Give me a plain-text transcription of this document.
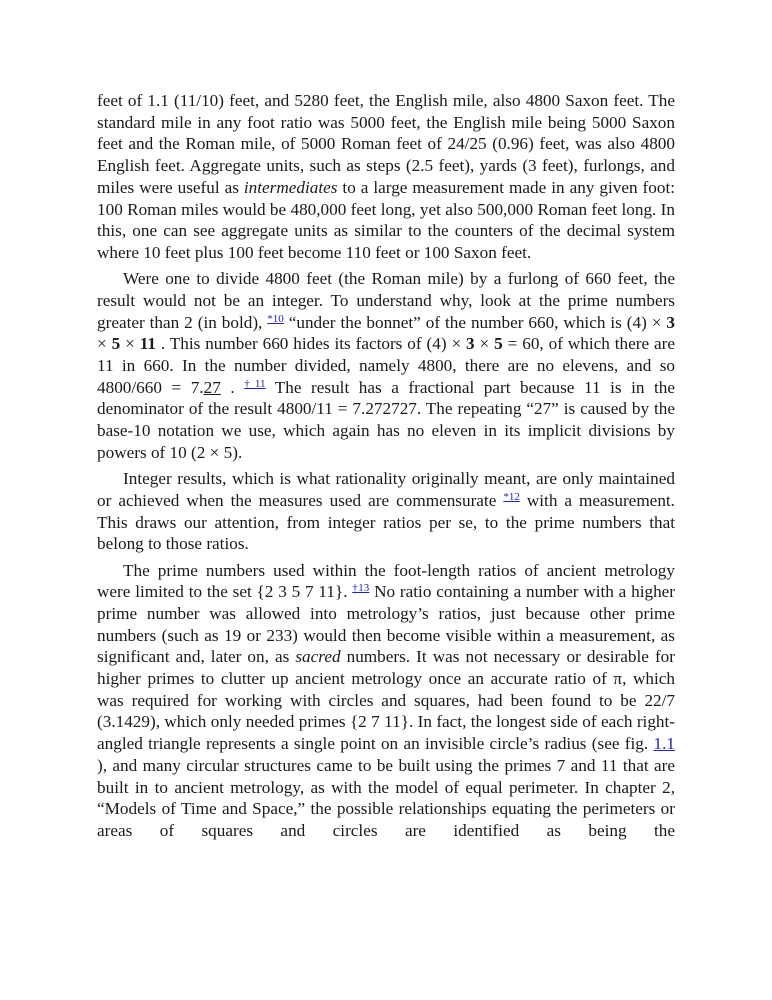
feet of 1.1 (11/10) feet, and 5280 feet, the English mile, also 4800 Saxon feet. The standard mile in any foot ratio was 5000 feet, the English mile being 5000 Saxon feet and the Roman mile, of 5000 Roman feet of 24/25 (0.96) feet, was also 4800 English feet. Aggregate units, such as steps (2.5 feet), yards (3 feet), furlongs, and miles were useful as intermediates to a large measurement made in any given foot: 100 Roman miles would be 480,000 feet long, yet also 500,000 Roman feet long. In this, one can see aggregate units as similar to the counters of the decimal system where 10 feet plus 100 feet become 110 feet or 100 Saxon feet.

Were one to divide 4800 feet (the Roman mile) by a furlong of 660 feet, the result would not be an integer. To understand why, look at the prime numbers greater than 2 (in bold), $^{*10}$ “under the bonnet” of the number 660, which is (4) × 3 × 5 × 11 . This number 660 hides its factors of (4) × 3 × 5 = 60, of which there are 11 in 660. In the number divided, namely 4800, there are no elevens, and so 4800/660 = 7.27 . $^{\dagger 11}$ The result has a fractional part because 11 is in the denominator of the result 4800/11 = 7.272727. The repeating “27” is caused by the base-10 notation we use, which again has no eleven in its implicit divisions by powers of 10 (2 × 5).

Integer results, which is what rationality originally meant, are only maintained or achieved when the measures used are commensurate $^{*12}$ with a measurement. This draws our attention, from integer ratios per se, to the prime numbers that belong to those ratios.

The prime numbers used within the foot-length ratios of ancient metrology were limited to the set {2 3 5 7 11}. $^{\dagger 13}$ No ratio containing a number with a higher prime number was allowed into metrology’s ratios, just because other prime numbers (such as 19 or 233) would then become visible within a measurement, as significant and, later on, as sacred numbers. It was not necessary or desirable for higher primes to clutter up ancient metrology once an accurate ratio of π, which was required for working with circles and squares, had been found to be 22/7 (3.1429), which only needed primes {2 7 11}. In fact, the longest side of each right-angled triangle represents a single point on an invisible circle’s radius (see fig. 1.1 ), and many circular structures came to be built using the primes 7 and 11 that are built in to ancient metrology, as with the model of equal perimeter. In chapter 2, “Models of Time and Space,” the possible relationships equating the perimeters or areas of squares and circles are identified as being the
